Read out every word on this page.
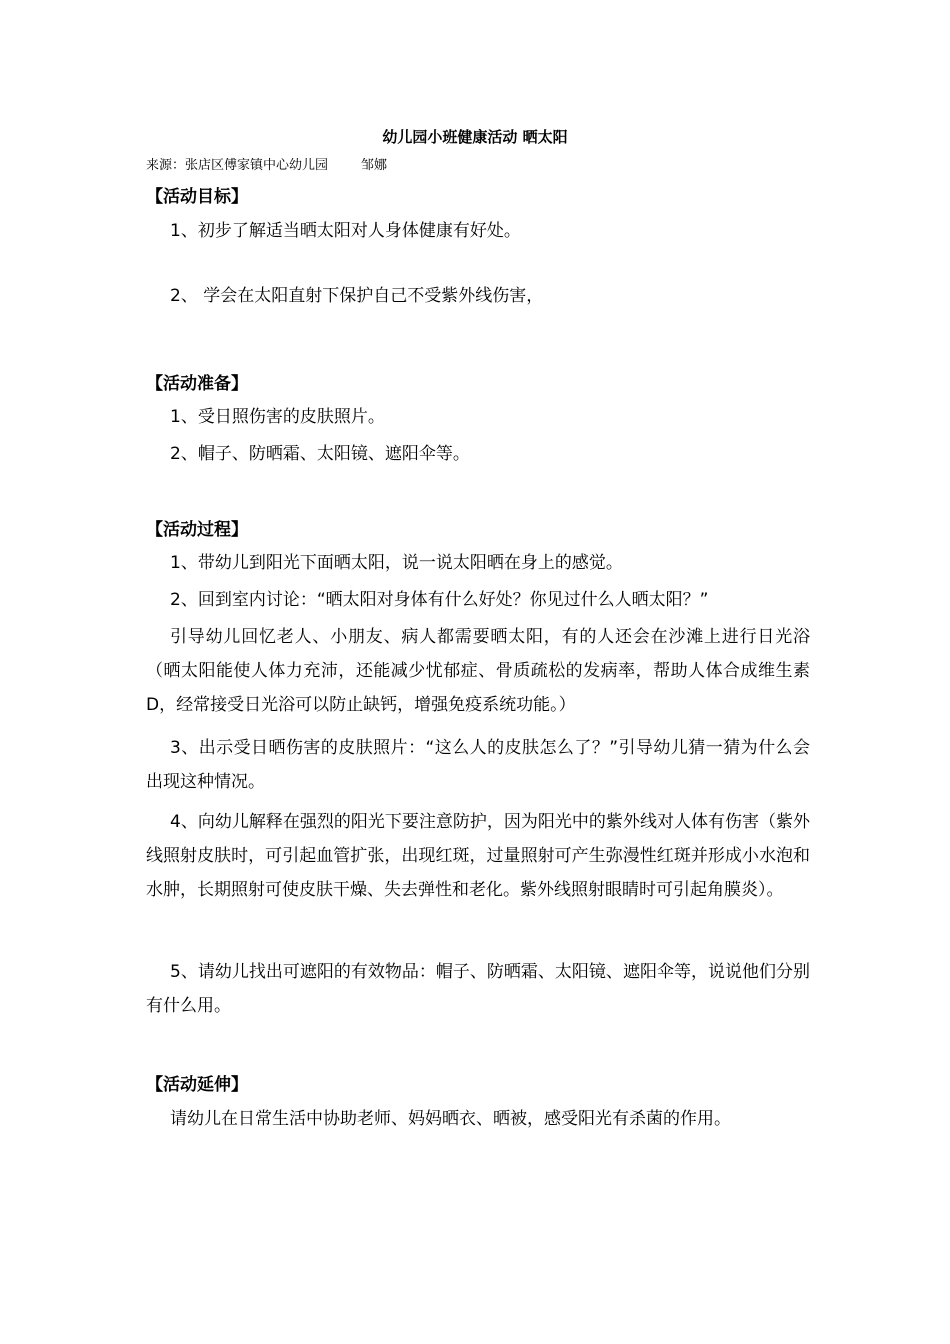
幼儿园小班健康活动 晒太阳
来源：张店区傅家镇中心幼儿园        邹娜
【活动目标】
1、初步了解适当晒太阳对人身体健康有好处。
2、 学会在太阳直射下保护自己不受紫外线伤害，
【活动准备】
1、受日照伤害的皮肤照片。
2、帽子、防晒霜、太阳镜、遮阳伞等。
【活动过程】
1、带幼儿到阳光下面晒太阳，说一说太阳晒在身上的感觉。
2、回到室内讨论：“晒太阳对身体有什么好处？你见过什么人晒太阳？”
引导幼儿回忆老人、小朋友、病人都需要晒太阳，有的人还会在沙滩上进行日光浴（晒太阳能使人体力充沛，还能减少忧郁症、骨质疏松的发病率，帮助人体合成维生素D，经常接受日光浴可以防止缺钙，增强免疫系统功能。）
3、出示受日晒伤害的皮肤照片：“这么人的皮肤怎么了？”引导幼儿猜一猜为什么会出现这种情况。
4、向幼儿解释在强烈的阳光下要注意防护，因为阳光中的紫外线对人体有伤害（紫外线照射皮肤时，可引起血管扩张，出现红斑，过量照射可产生弥漫性红斑并形成小水泡和水肿，长期照射可使皮肤干燥、失去弹性和老化。紫外线照射眼睛时可引起角膜炎）。
5、请幼儿找出可遮阳的有效物品：帽子、防晒霜、太阳镜、遮阳伞等，说说他们分别有什么用。
【活动延伸】
请幼儿在日常生活中协助老师、妈妈晒衣、晒被，感受阳光有杀菌的作用。
